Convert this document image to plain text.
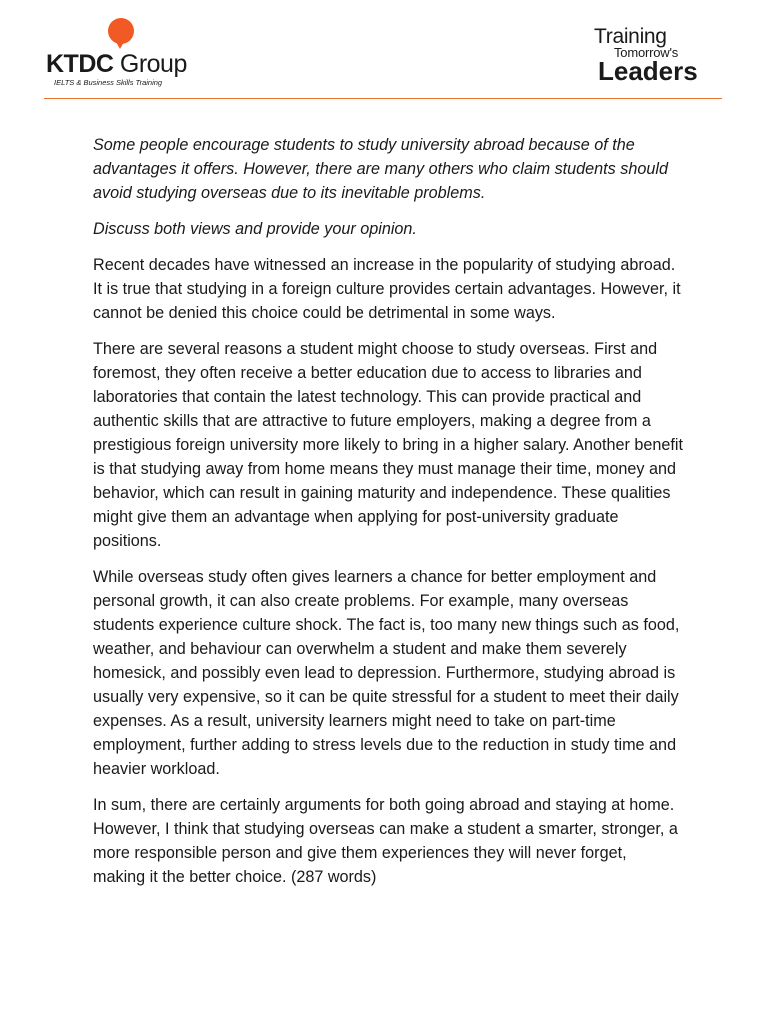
KTDC Group
IELTS & Business Skills Training
Training
Tomorrow's
Leaders

Some people encourage students to study university abroad because of the advantages it offers. However, there are many others who claim students should avoid studying overseas due to its inevitable problems.

Discuss both views and provide your opinion.

Recent decades have witnessed an increase in the popularity of studying abroad. It is true that studying in a foreign culture provides certain advantages. However, it cannot be denied this choice could be detrimental in some ways.

There are several reasons a student might choose to study overseas. First and foremost, they often receive a better education due to access to libraries and laboratories that contain the latest technology. This can provide practical and authentic skills that are attractive to future employers, making a degree from a prestigious foreign university more likely to bring in a higher salary. Another benefit is that studying away from home means they must manage their time, money and behavior, which can result in gaining maturity and independence. These qualities might give them an advantage when applying for post-university graduate positions.

While overseas study often gives learners a chance for better employment and personal growth, it can also create problems. For example, many overseas students experience culture shock. The fact is, too many new things such as food, weather, and behaviour can overwhelm a student and make them severely homesick, and possibly even lead to depression. Furthermore, studying abroad is usually very expensive, so it can be quite stressful for a student to meet their daily expenses. As a result, university learners might need to take on part-time employment, further adding to stress levels due to the reduction in study time and heavier workload.

In sum, there are certainly arguments for both going abroad and staying at home. However, I think that studying overseas can make a student a smarter, stronger, a more responsible person and give them experiences they will never forget, making it the better choice. (287 words)
